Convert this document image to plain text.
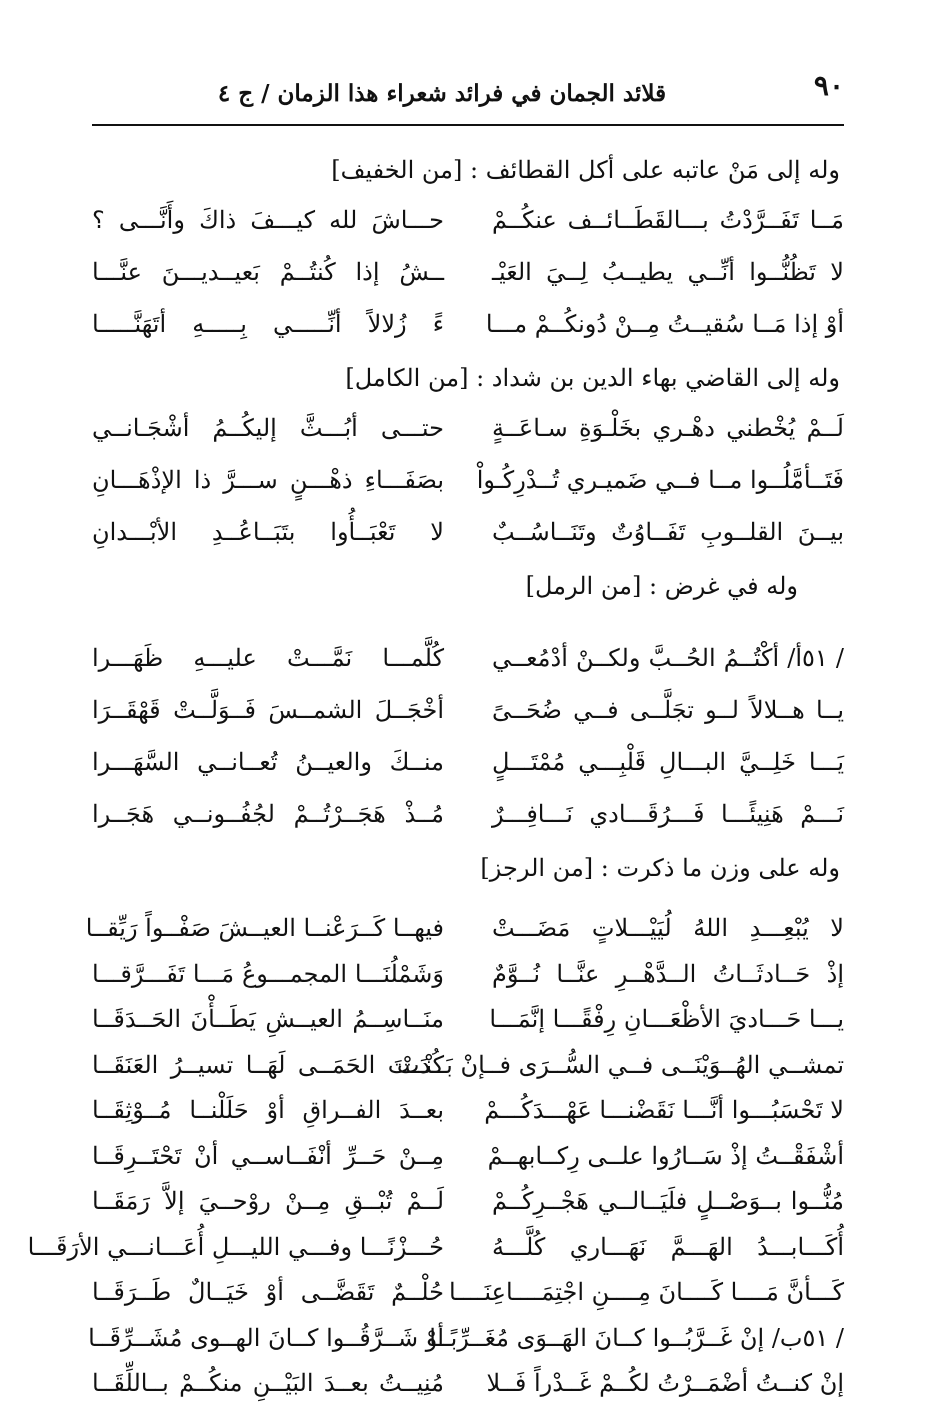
٩٠
قلائد الجمان في فرائد شعراء هذا الزمان / ج ٤
وله إلى مَنْ عاتبه على أكل القطائف : [من الخفيف]
مَــا تَفَــرَّدْتُ بـــالقَطَــائــف عنكُــمْ
حـــاشَ لله كيـــفَ ذاكَ وأَنَّـــى ؟
لا تَظُنُّــوا أنِّــي يطيــبُ لِــيَ العَيْـ
ــشُ إذا كُنتُــمْ بَعيــديـــنَ عنَّـــا
أوْ إذا مَــا سُقيــتُ مِــنْ دُونكُــمْ مـــا
ءً زُلالاً أنِّـــــي بِـــــهِ أتَهَنَّـــــا
وله إلى القاضي بهاء الدين بن شداد : [من الكامل]
لَــمْ يُخْطني دهْـري بخَلْـوَةِ سـاعَــةٍ
حتـــى أبُـــثَّ إليكُــمُ أشْجَـانــي
فَتَــأمَّلُــوا مــا فــي ضَميـري تُــدْرِكُـواْ
بصَفَـــاءِ ذهْـــنٍ ســـرَّ ذا الإذْهَـــانِ
بيــنَ القلــوبِ تَفَــاوُتٌ وتَنَــاسُــبٌ
لا تَعْبَــأُوا بتَبَــاعُــدِ الأبْـــدانِ
وله في غرض : [من الرمل]
/ ٥١أ/ أكْتُــمُ الحُــبَّ ولكــنْ أدْمُعــي
كُلَّمـــا نَمَّـــتْ عليـــهِ ظَهَـــرا
يــا هــلالاً لــو تجَلَّــى فــي ضُحَــىً
أخْجَــلَ الشمــسَ فَــوَلَّــتْ قَهْقَــرَا
يَـــا خَلِــيَّ البـــالِ قَلْبِـــي مُمْتَـــلٍ
منــكَ والعيــنُ تُعــانــي السَّهَـــرا
نَـــمْ هَنِيئًـــا فَـــرُقَـــادي نَـــافِـــرٌ
مُــذْ هَجَــرْتُــمْ لجُفُــونــي هَجَــرا
وله على وزن ما ذكرت : [من الرجز]
لا يُبْعِـــدِ اللهُ لُيَيْـــلاتٍ مَضَـــتْ
فيهــا كَــرَعْنــا العيــشَ صَفْــواً رَيِّقــا
إذْ حَــادثَــاتُ الــدَّهْــرِ عنَّــا نُــوَّمٌ
وَشَمْلُنَـــا المجمـــوعُ مَـــا تَفَـــرَّقـــا
يـــا حَـــاديَ الأظْعَـــانِ رِفْقًـــا إنَّمَـــا
منَــاسِــمُ العيــشِ يَطَــأْنَ الحَــدَقَــا
تمشــي الهُــوَيْنَــى فــي السُّــرَى فــإنْ بَــدَتْ
كُنْــتَ الحَمَــى لَهَــا تسيــرُ العَنَقَــا
لا تَحْسَبُـــوا أنَّـــا نَقَضْنـــا عَهْـــدَكُـــمْ
بعــدَ الفــراقِ أوْ حَلَلْنــا مُــوْثِقَــا
أشْفَقْــتُ إذْ سَــارُوا علــى رِكــابهــمْ
مِــنْ حَــرِّ أنْفَــاســي أنْ تَحْتَــرِقَــا
مُنُّــوا بــوَصْــلٍ فلَيَــالــي هَجْــرِكُــمْ
لَــمْ تُبْــقِ مِــنْ روْحــيَ إلاَّ رَمَقَــا
أُكَـــابـــدُ الهَـــمَّ نَهَـــاري كُلَّـــهُ
حُـــزْنًـــا وفـــي الليـــلِ أُعَـــانـــي الأرَقَـــا
كَـــأنَّ مَــــا كَــــانَ مِــــنِ اجْتِمَــــاعِنَــــا
حُلْــمٌ تَقَضَّــى أوْ خَيَــالٌ طَــرَقَــا
/ ٥١ب/ إنْ غَــرَّبُــوا كــانَ الهَــوَى مُغَــرِّبًــا
أوْ شَــرَّقُــوا كــانَ الهــوى مُشَــرِّقَــا
إنْ كنــتُ أضْمَــرْتُ لكُــمْ غَــدْراً فَــلا
مُنِيــتُ بعــدَ البَيْــنِ منكُــمْ بــاللِّقَــا
